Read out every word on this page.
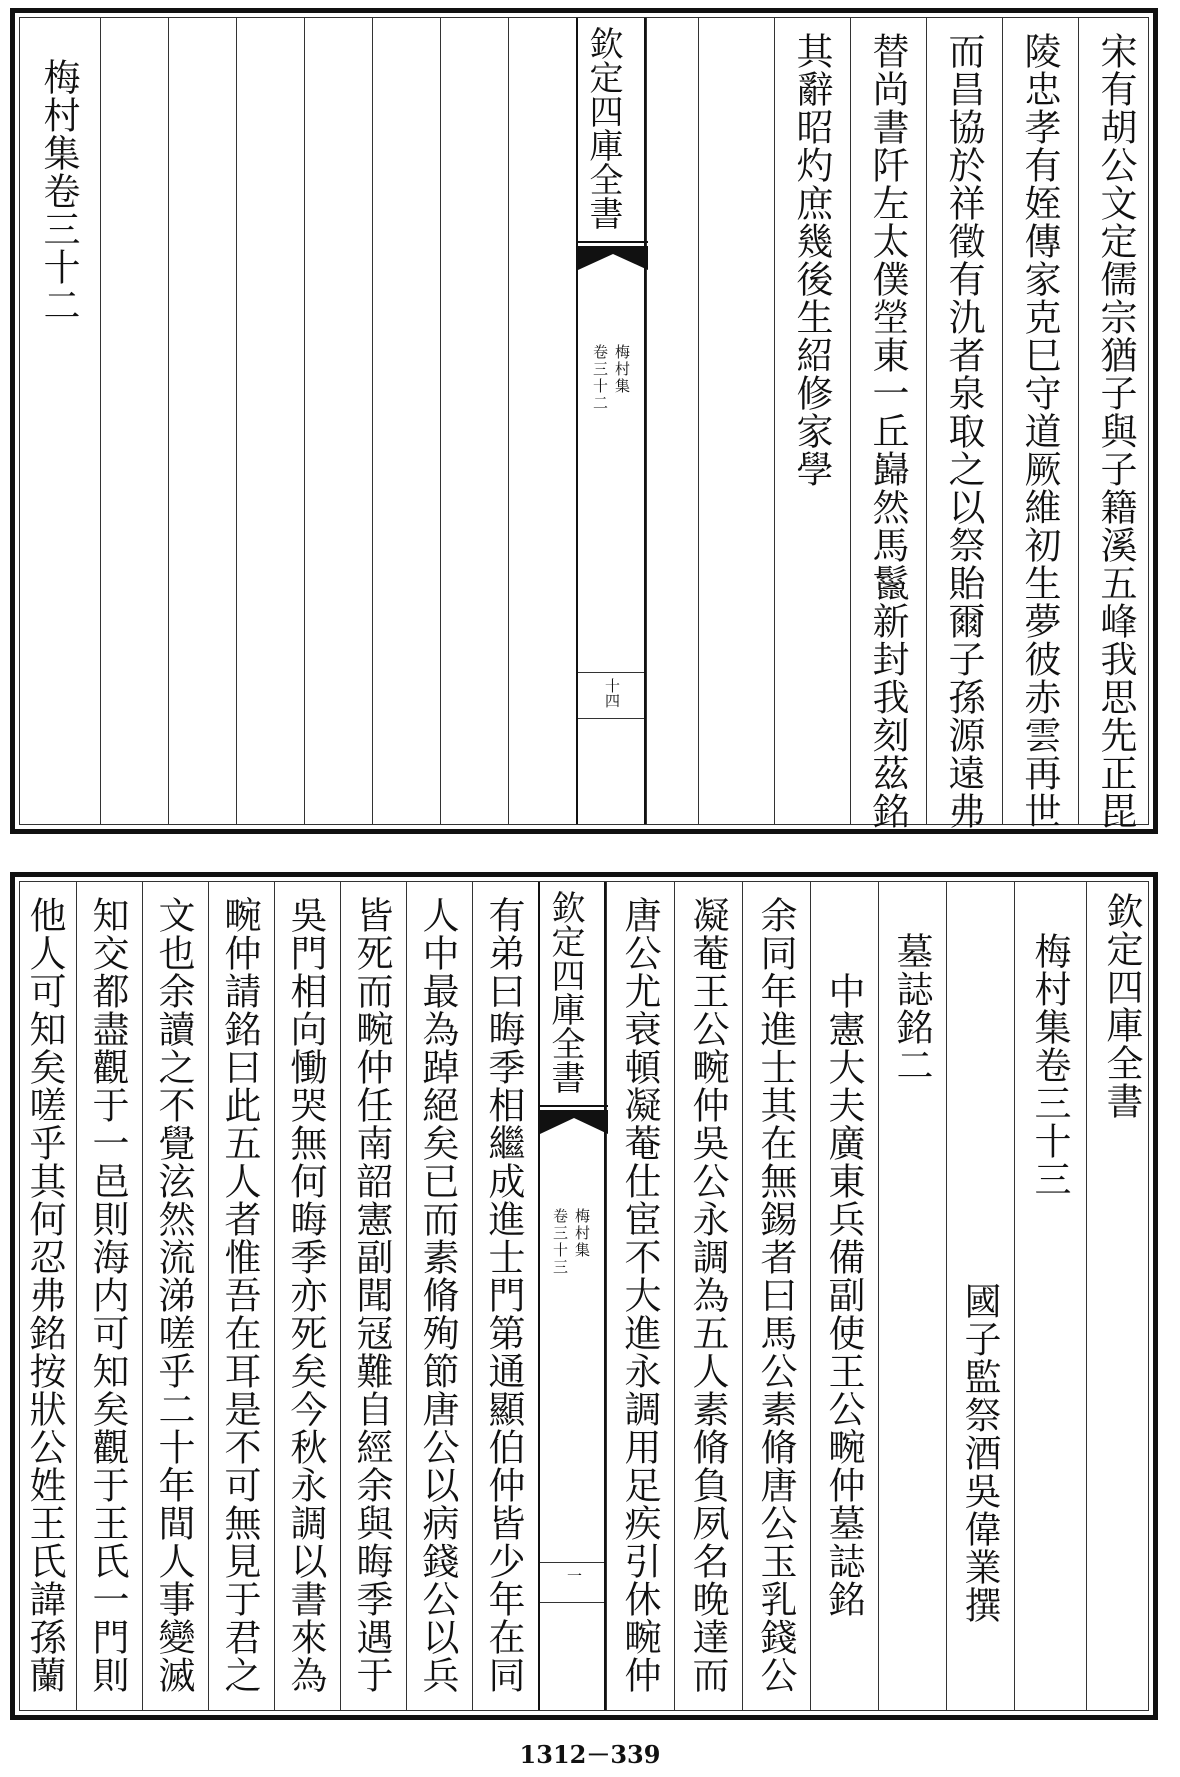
宋有胡公文定儒宗猶子與子籍溪五峰我思先正毘
陵忠孝有姪傳家克巳守道厥維初生夢彼赤雲再世
而昌協於祥徵有氿者泉取之以祭貽爾子孫源遠弗
替尚書阡左太僕塋東一丘巋然馬鬣新封我刻茲銘
其辭昭灼庶幾後生紹修家學
欽定四庫全書
梅村集
卷三十二
十四
梅村集卷三十二
欽定四庫全書
梅村集卷三十三
國子監祭酒吳偉業撰
墓誌銘二
中憲大夫廣東兵備副使王公畹仲墓誌銘
余同年進士其在無錫者曰馬公素脩唐公玉乳錢公
凝菴王公畹仲吳公永調為五人素脩負夙名晚達而
唐公尤衰頓凝菴仕宦不大進永調用足疾引休畹仲
欽定四庫全書
梅村集
卷三十三
一
有弟曰晦季相繼成進士門第通顯伯仲皆少年在同
人中最為踔絕矣已而素脩殉節唐公以病錢公以兵
皆死而畹仲任南韶憲副聞冦難自經余與晦季遇于
吳門相向慟哭無何晦季亦死矣今秋永調以書來為
畹仲請銘曰此五人者惟吾在耳是不可無見于君之
文也余讀之不覺泫然流涕嗟乎二十年間人事變滅
知交都盡觀于一邑則海内可知矣觀于王氏一門則
他人可知矣嗟乎其何忍弗銘按狀公姓王氏諱孫蘭
1312－339
